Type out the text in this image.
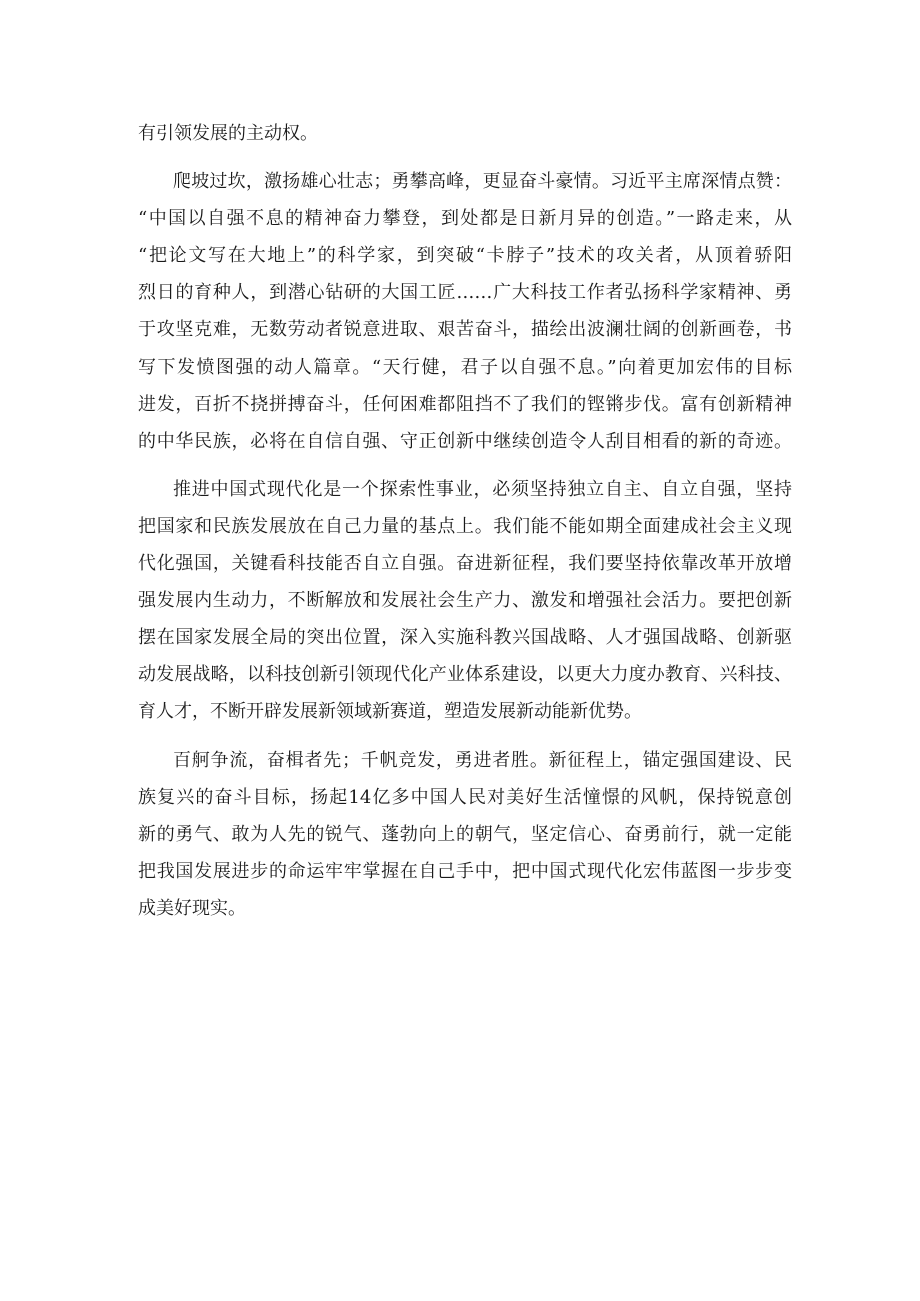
有引领发展的主动权。
爬坡过坎，激扬雄心壮志；勇攀高峰，更显奋斗豪情。习近平主席深情点赞：
“中国以自强不息的精神奋力攀登，到处都是日新月异的创造。”一路走来，从
“把论文写在大地上”的科学家，到突破“卡脖子”技术的攻关者，从顶着骄阳
烈日的育种人，到潜心钻研的大国工匠……广大科技工作者弘扬科学家精神、勇
于攻坚克难，无数劳动者锐意进取、艰苦奋斗，描绘出波澜壮阔的创新画卷，书
写下发愤图强的动人篇章。“天行健，君子以自强不息。”向着更加宏伟的目标
进发，百折不挠拼搏奋斗，任何困难都阻挡不了我们的铿锵步伐。富有创新精神
的中华民族，必将在自信自强、守正创新中继续创造令人刮目相看的新的奇迹。
推进中国式现代化是一个探索性事业，必须坚持独立自主、自立自强，坚持
把国家和民族发展放在自己力量的基点上。我们能不能如期全面建成社会主义现
代化强国，关键看科技能否自立自强。奋进新征程，我们要坚持依靠改革开放增
强发展内生动力，不断解放和发展社会生产力、激发和增强社会活力。要把创新
摆在国家发展全局的突出位置，深入实施科教兴国战略、人才强国战略、创新驱
动发展战略，以科技创新引领现代化产业体系建设，以更大力度办教育、兴科技、
育人才，不断开辟发展新领域新赛道，塑造发展新动能新优势。
百舸争流，奋楫者先；千帆竞发，勇进者胜。新征程上，锚定强国建设、民
族复兴的奋斗目标，扬起14亿多中国人民对美好生活憧憬的风帆，保持锐意创
新的勇气、敢为人先的锐气、蓬勃向上的朝气，坚定信心、奋勇前行，就一定能
把我国发展进步的命运牢牢掌握在自己手中，把中国式现代化宏伟蓝图一步步变
成美好现实。
